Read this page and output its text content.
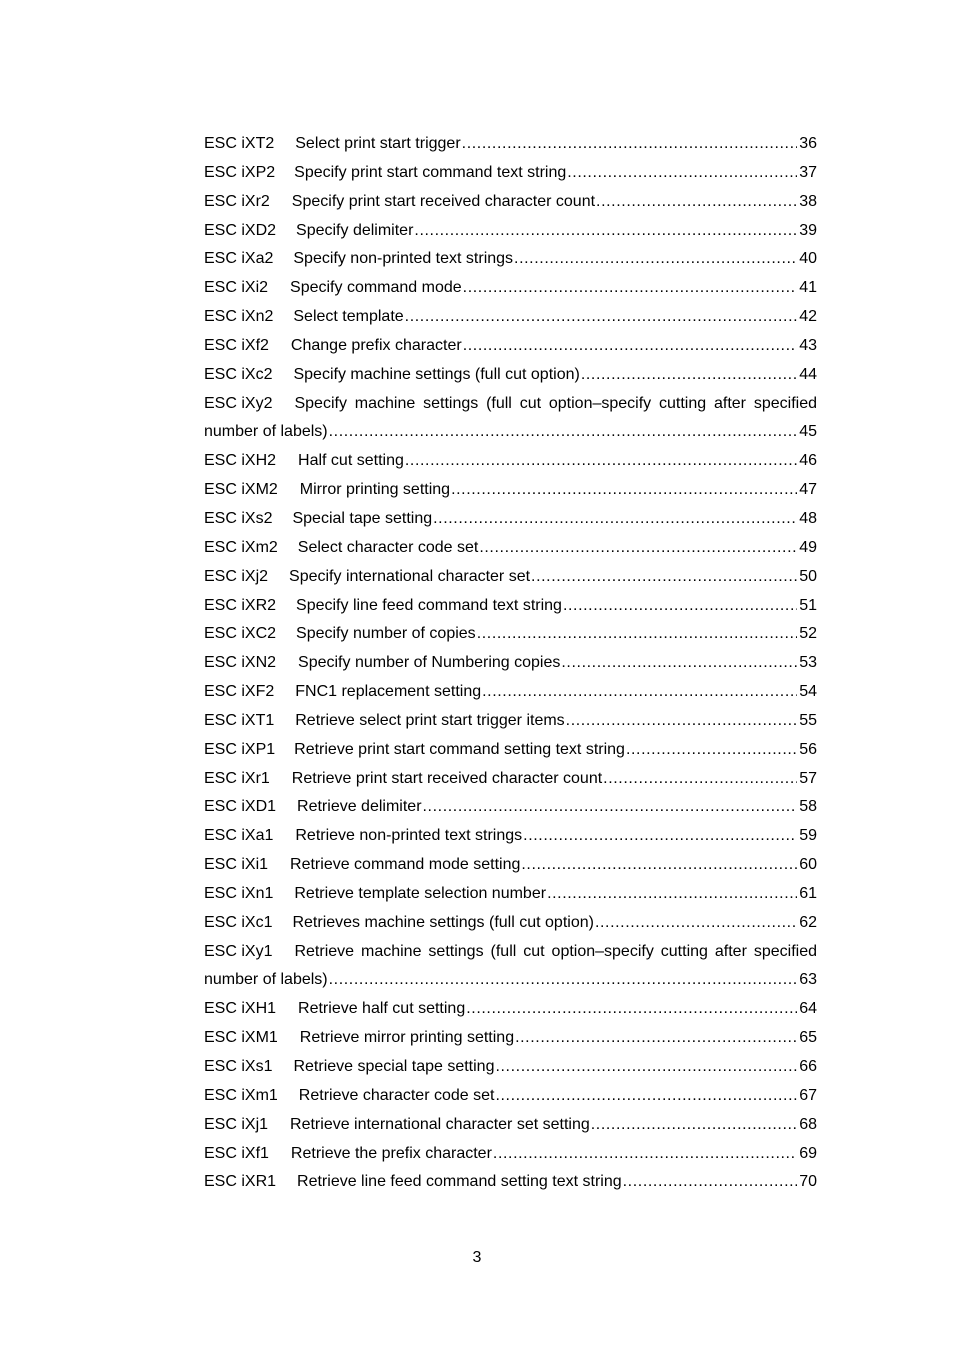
ESC iXT2 Select print start trigger .....	36
ESC iXP2 Specify print start command text string .....	37
ESC iXr2 Specify print start received character count .....	38
ESC iXD2 Specify delimiter .....	39
ESC iXa2 Specify non-printed text strings .....	40
ESC iXi2 Specify command mode .....	41
ESC iXn2 Select template .....	42
ESC iXf2 Change prefix character .....	43
ESC iXc2 Specify machine settings (full cut option) .....	44
ESC iXy2 Specify machine settings (full cut option–specify cutting after specified
number of labels) .....	45
ESC iXH2 Half cut setting .....	46
ESC iXM2 Mirror printing setting .....	47
ESC iXs2 Special tape setting .....	48
ESC iXm2 Select character code set .....	49
ESC iXj2 Specify international character set .....	50
ESC iXR2 Specify line feed command text string .....	51
ESC iXC2 Specify number of copies .....	52
ESC iXN2 Specify number of Numbering copies .....	53
ESC iXF2 FNC1 replacement setting .....	54
ESC iXT1 Retrieve select print start trigger items .....	55
ESC iXP1 Retrieve print start command setting text string .....	56
ESC iXr1 Retrieve print start received character count .....	57
ESC iXD1 Retrieve delimiter .....	58
ESC iXa1 Retrieve non-printed text strings .....	59
ESC iXi1 Retrieve command mode setting .....	60
ESC iXn1 Retrieve template selection number .....	61
ESC iXc1 Retrieves machine settings (full cut option) .....	62
ESC iXy1 Retrieve machine settings (full cut option–specify cutting after specified
number of labels) .....	63
ESC iXH1 Retrieve half cut setting .....	64
ESC iXM1 Retrieve mirror printing setting .....	65
ESC iXs1 Retrieve special tape setting .....	66
ESC iXm1 Retrieve character code set .....	67
ESC iXj1 Retrieve international character set setting .....	68
ESC iXf1 Retrieve the prefix character .....	69
ESC iXR1 Retrieve line feed command setting text string .....	70
3
